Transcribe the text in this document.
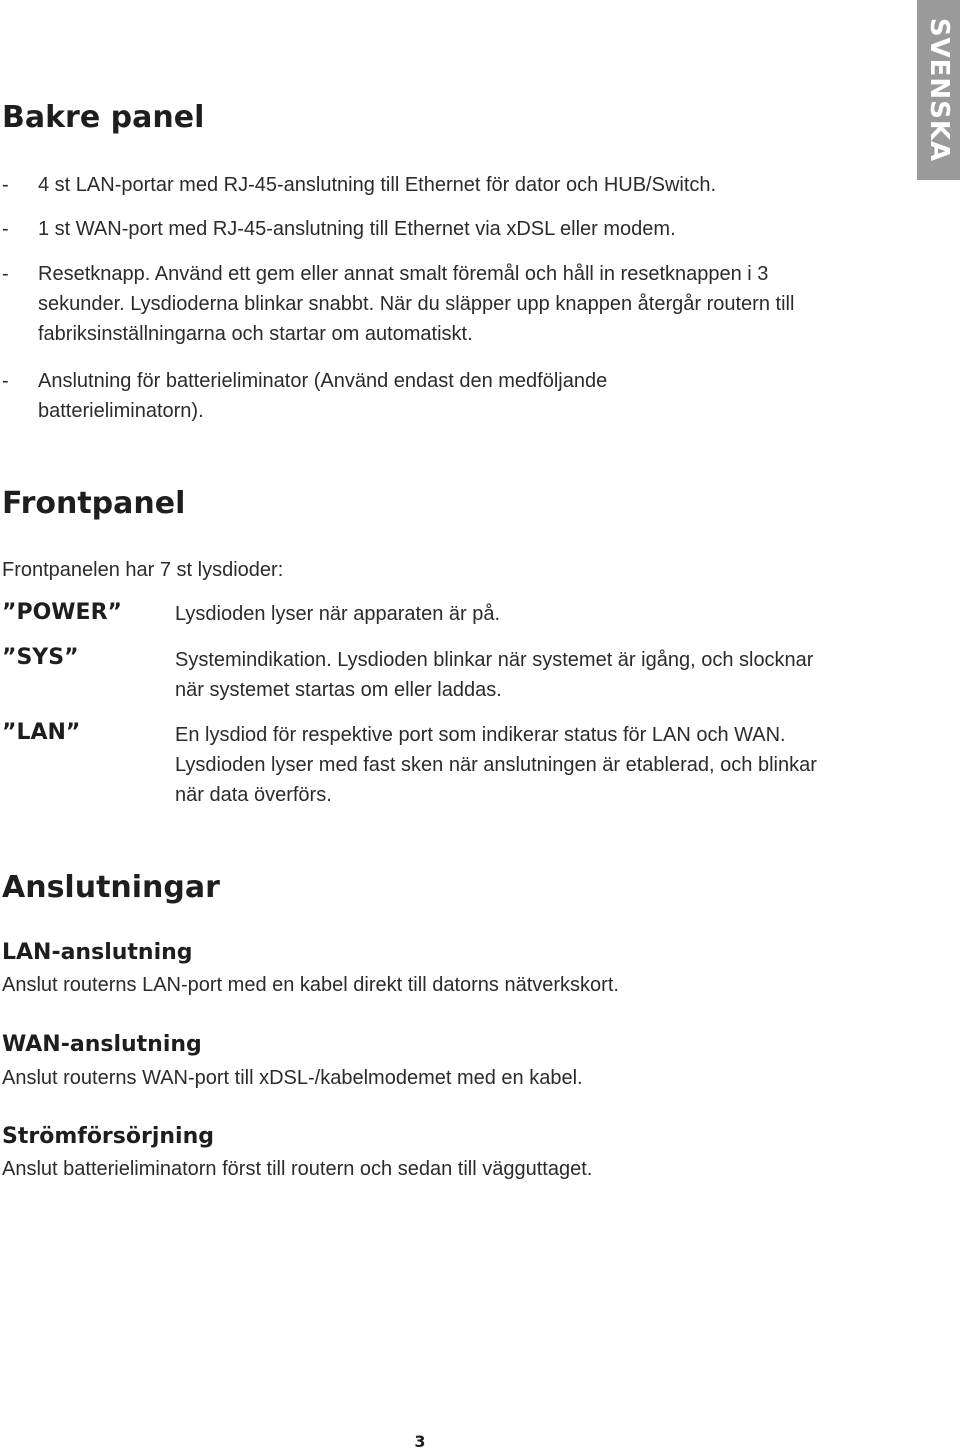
SVENSKA
Bakre panel
- 4 st LAN-portar med RJ-45-anslutning till Ethernet för dator och HUB/Switch.
- 1 st WAN-port med RJ-45-anslutning till Ethernet via xDSL eller modem.
- Resetknapp. Använd ett gem eller annat smalt föremål och håll in resetknappen i 3 sekunder. Lysdioderna blinkar snabbt. När du släpper upp knappen återgår routern till fabriksinställningarna och startar om automatiskt.
- Anslutning för batterieliminator (Använd endast den medföljande batterieliminatorn).
Frontpanel

Frontpanelen har 7 st lysdioder:

”POWER”	Lysdioden lyser när apparaten är på.
”SYS”	Systemindikation. Lysdioden blinkar när systemet är igång, och slocknar när systemet startas om eller laddas.
”LAN”	En lysdiod för respektive port som indikerar status för LAN och WAN. Lysdioden lyser med fast sken när anslutningen är etablerad, och blinkar när data överförs.
Anslutningar
LAN-anslutning

Anslut routerns LAN-port med en kabel direkt till datorns nätverkskort.

WAN-anslutning

Anslut routerns WAN-port till xDSL-/kabelmodemet med en kabel.

Strömförsörjning

Anslut batterieliminatorn först till routern och sedan till vägguttaget.

3
